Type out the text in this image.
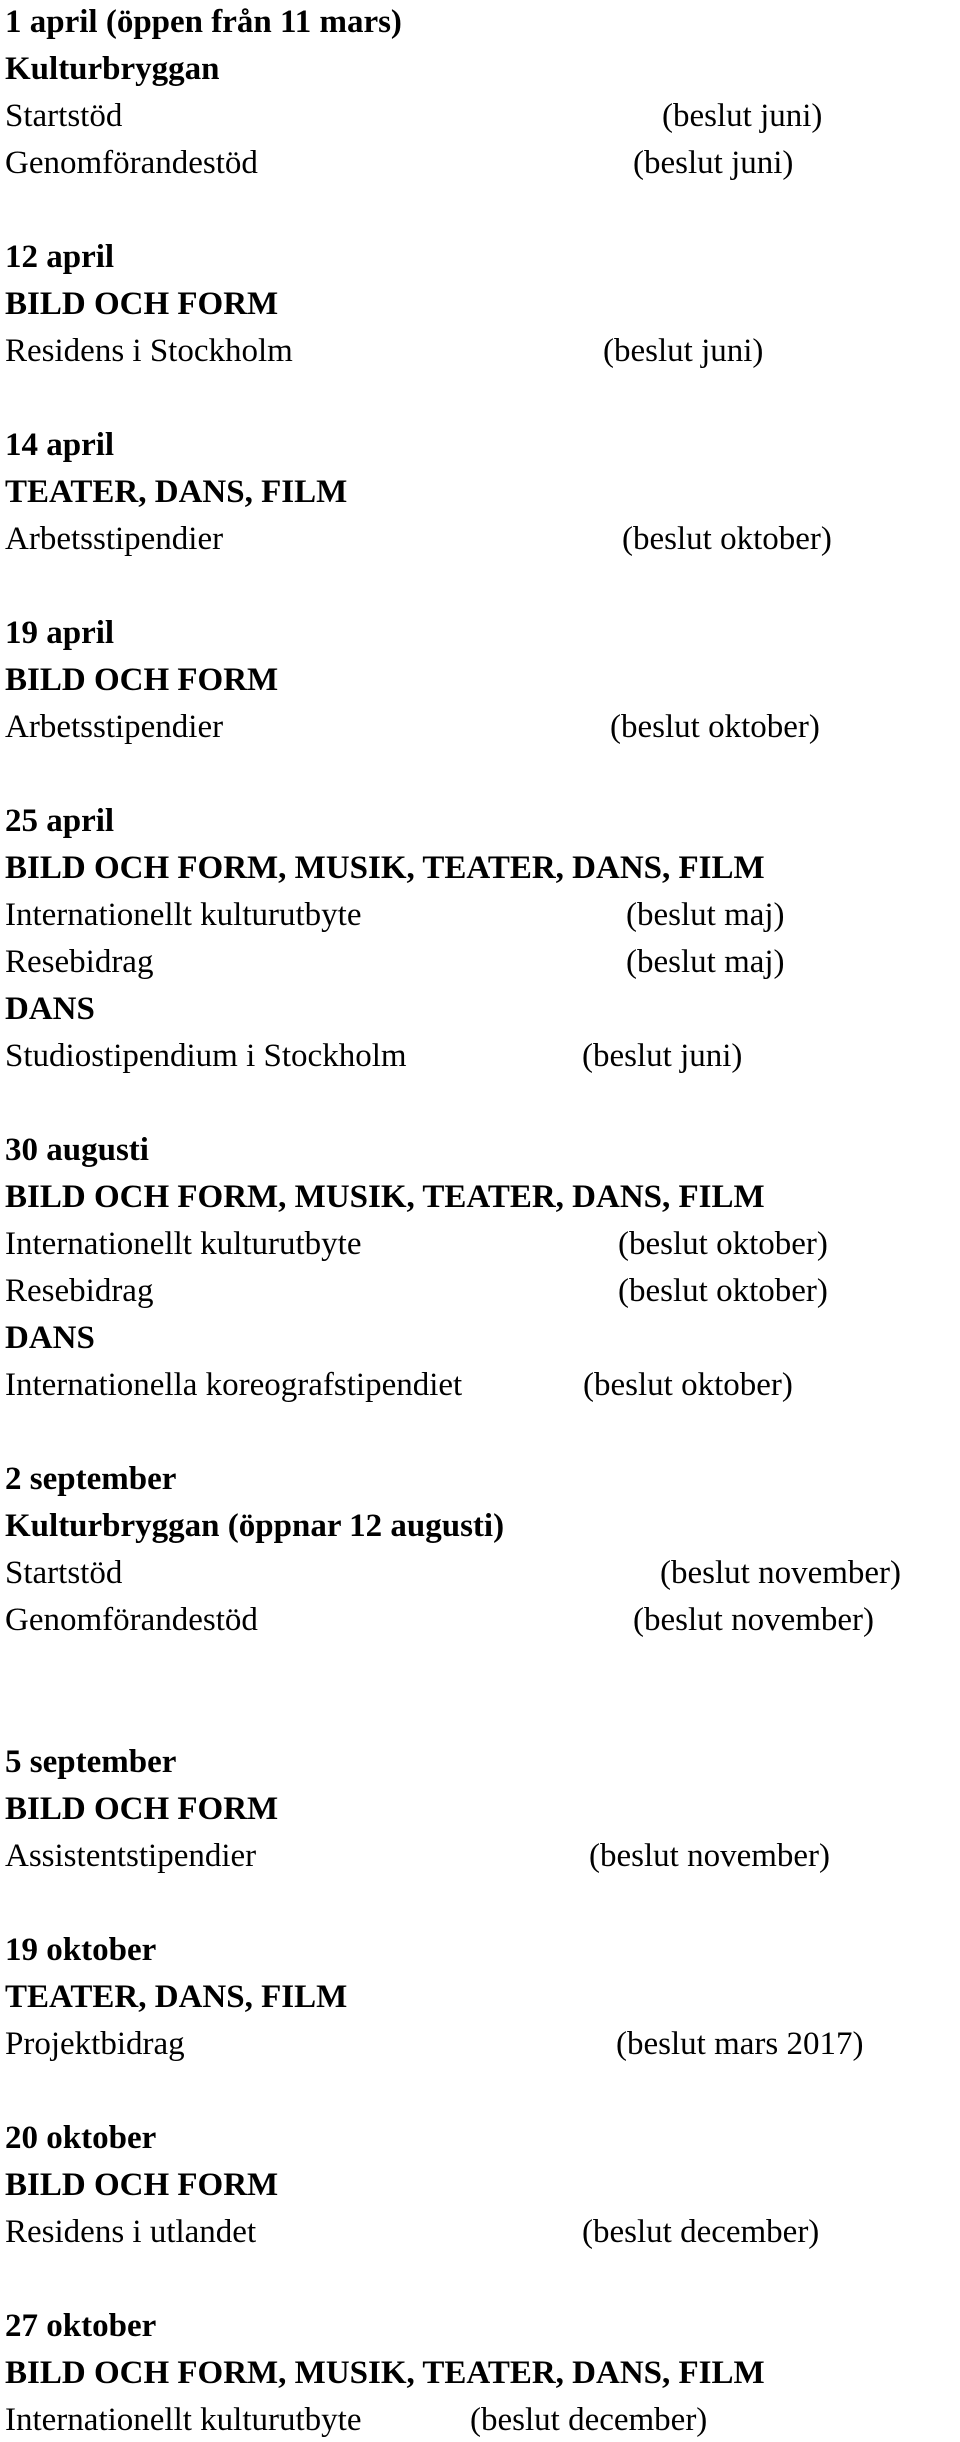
1 april (öppen från 11 mars)
Kulturbryggan
Startstöd	(beslut juni)
Genomförandestöd	(beslut juni)
12 april
BILD OCH FORM
Residens i Stockholm	(beslut juni)
14 april
TEATER, DANS, FILM
Arbetsstipendier	(beslut oktober)
19 april
BILD OCH FORM
Arbetsstipendier	(beslut oktober)
25 april
BILD OCH FORM, MUSIK, TEATER, DANS, FILM
Internationellt kulturutbyte	(beslut maj)
Resebidrag	(beslut maj)
DANS
Studiostipendium i Stockholm	(beslut juni)
30 augusti
BILD OCH FORM, MUSIK, TEATER, DANS, FILM
Internationellt kulturutbyte	(beslut oktober)
Resebidrag	(beslut oktober)
DANS
Internationella koreografstipendiet	(beslut oktober)
2 september
Kulturbryggan (öppnar 12 augusti)
Startstöd	(beslut november)
Genomförandestöd	(beslut november)
5 september
BILD OCH FORM
Assistentstipendier	(beslut november)
19 oktober
TEATER, DANS, FILM
Projektbidrag	(beslut mars 2017)
20 oktober
BILD OCH FORM
Residens i utlandet	(beslut december)
27 oktober
BILD OCH FORM, MUSIK, TEATER, DANS, FILM
Internationellt kulturutbyte	(beslut december)
